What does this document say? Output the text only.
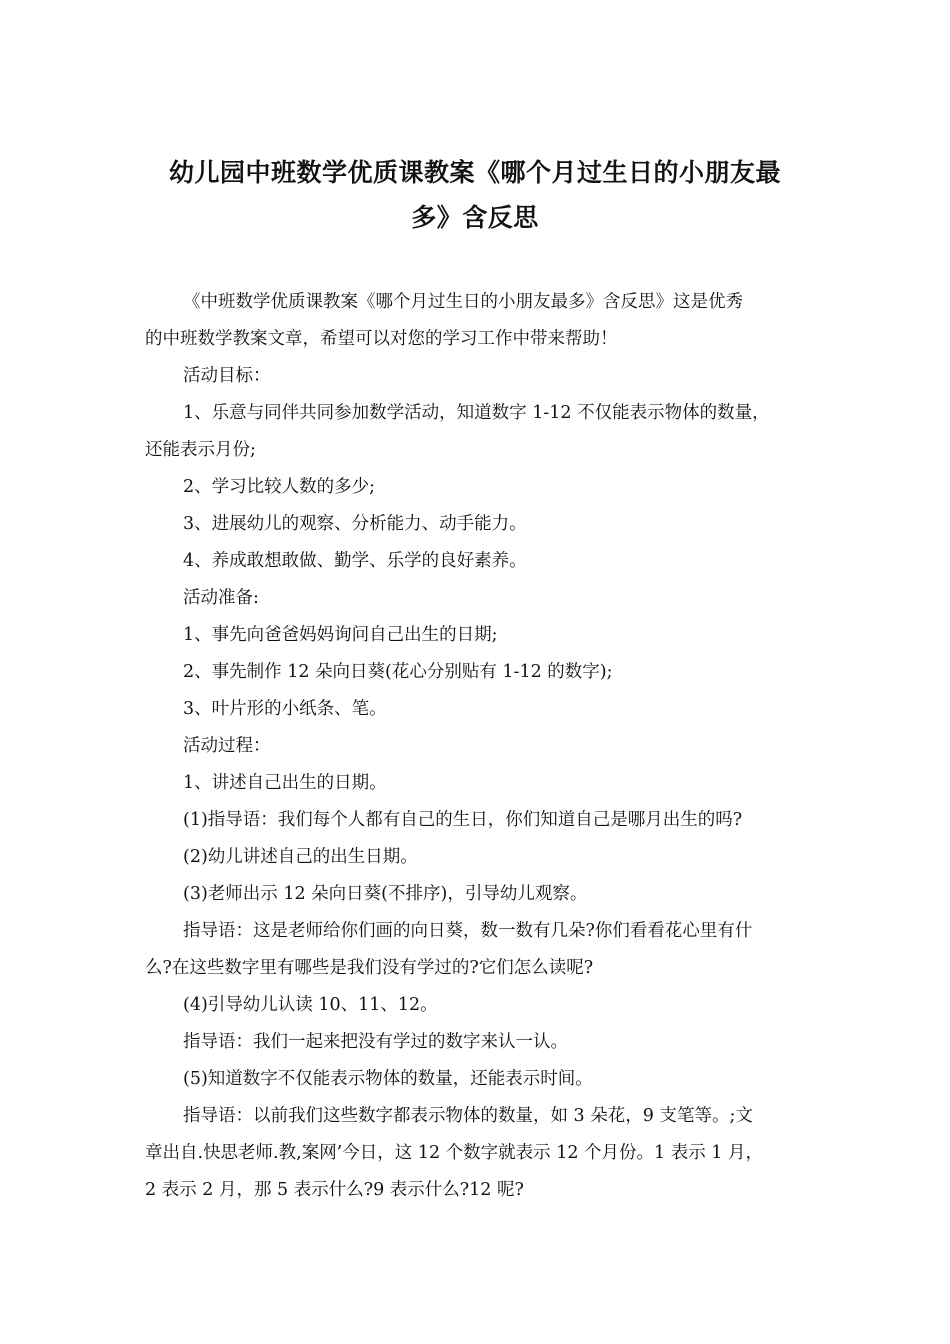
幼儿园中班数学优质课教案《哪个月过生日的小朋友最
多》含反思
《中班数学优质课教案《哪个月过生日的小朋友最多》含反思》这是优秀
的中班数学教案文章，希望可以对您的学习工作中带来帮助！
活动目标：
1、乐意与同伴共同参加数学活动，知道数字 1-12 不仅能表示物体的数量，
还能表示月份;
2、学习比较人数的多少;
3、进展幼儿的观察、分析能力、动手能力。
4、养成敢想敢做、勤学、乐学的良好素养。
活动准备:
1、事先向爸爸妈妈询问自己出生的日期;
2、事先制作 12 朵向日葵(花心分别贴有 1-12 的数字);
3、叶片形的小纸条、笔。
活动过程：
1、讲述自己出生的日期。
(1)指导语：我们每个人都有自己的生日，你们知道自己是哪月出生的吗?
(2)幼儿讲述自己的出生日期。
(3)老师出示 12 朵向日葵(不排序)，引导幼儿观察。
指导语：这是老师给你们画的向日葵，数一数有几朵?你们看看花心里有什
么?在这些数字里有哪些是我们没有学过的?它们怎么读呢?
(4)引导幼儿认读 10、11、12。
指导语：我们一起来把没有学过的数字来认一认。
(5)知道数字不仅能表示物体的数量，还能表示时间。
指导语：以前我们这些数字都表示物体的数量，如 3 朵花，9 支笔等。;文
章出自.快思老师.教,案网’今日，这 12 个数字就表示 12 个月份。1 表示 1 月，
2 表示 2 月，那 5 表示什么?9 表示什么?12 呢?
